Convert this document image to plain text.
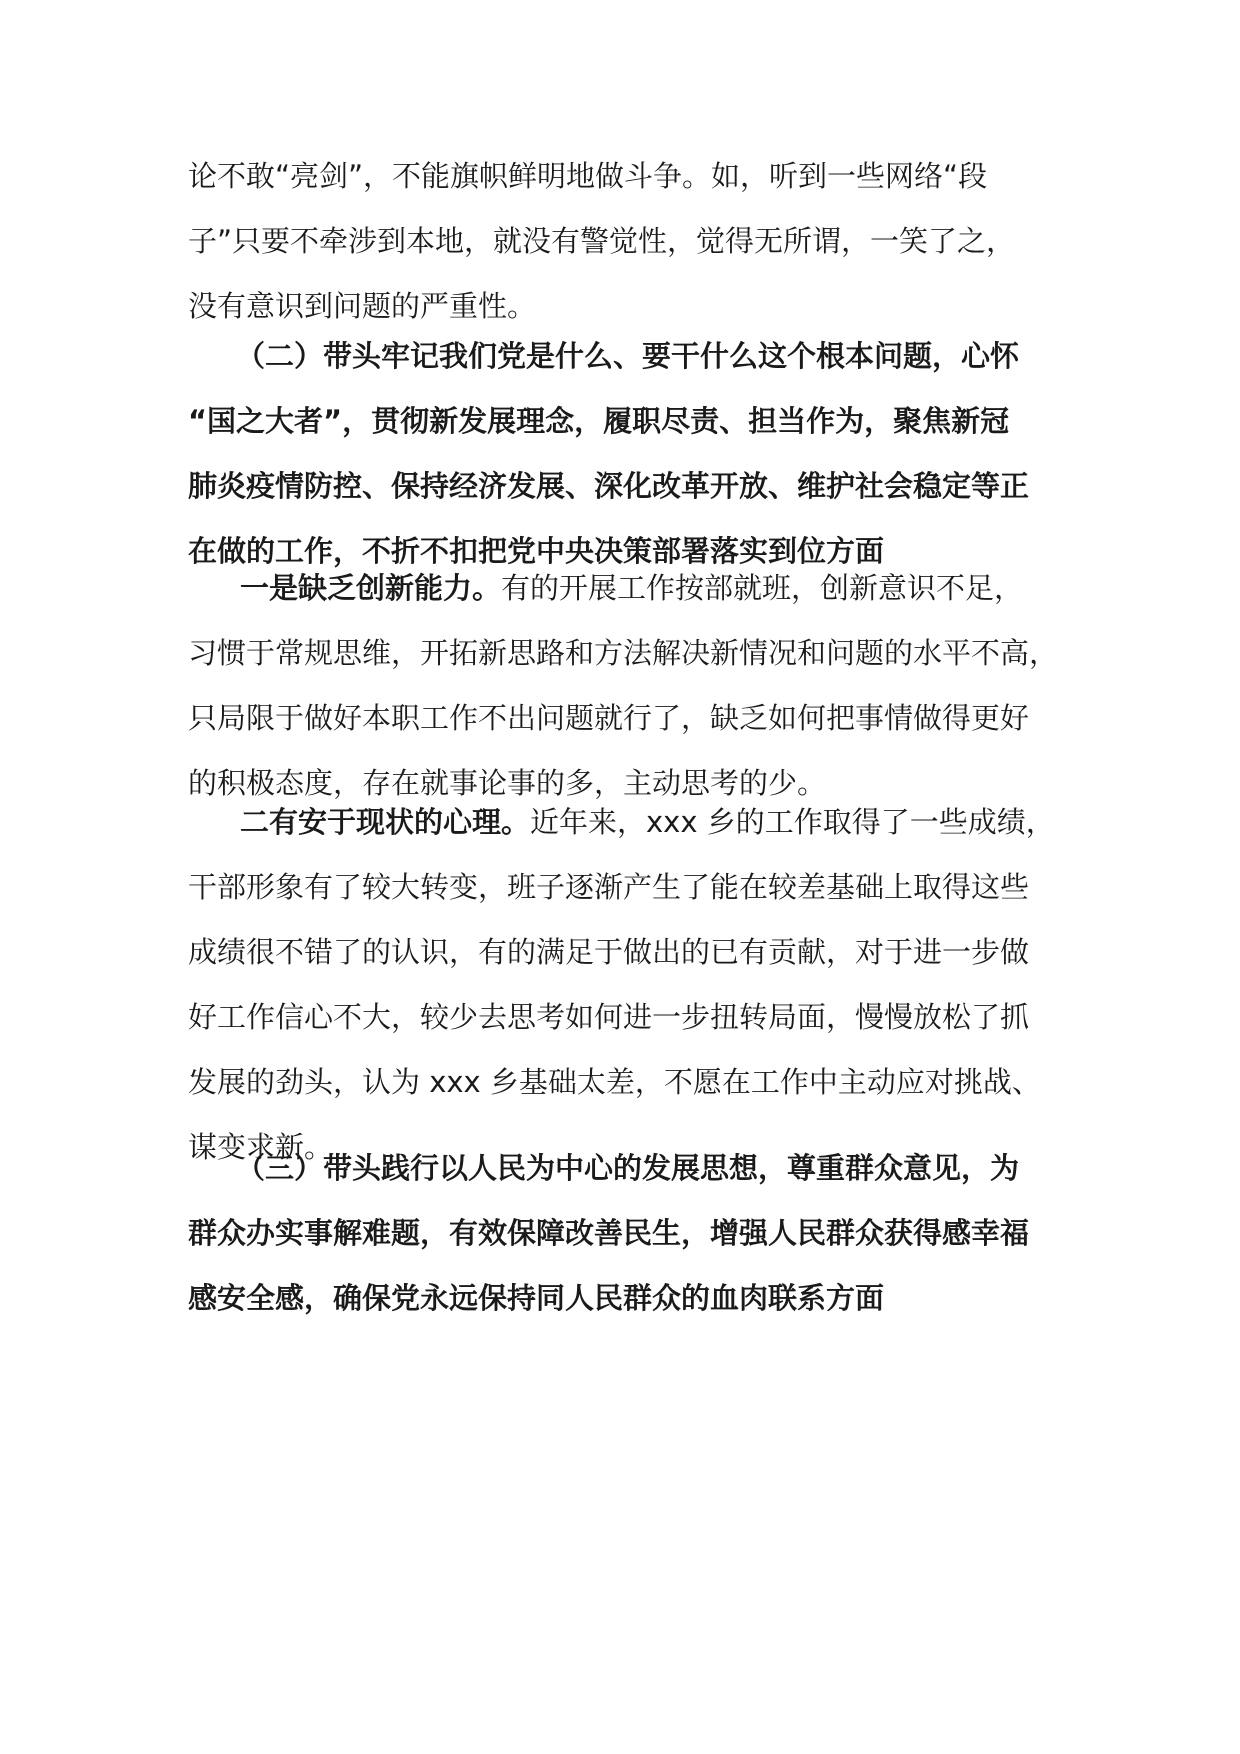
论不敢“亮剑”，不能旗帜鲜明地做斗争。如，听到一些网络“段
子”只要不牵涉到本地，就没有警觉性，觉得无所谓，一笑了之，
没有意识到问题的严重性。
（二）带头牢记我们党是什么、要干什么这个根本问题，心怀
“国之大者”，贯彻新发展理念，履职尽责、担当作为，聚焦新冠
肺炎疫情防控、保持经济发展、深化改革开放、维护社会稳定等正
在做的工作，不折不扣把党中央决策部署落实到位方面
一是缺乏创新能力。有的开展工作按部就班，创新意识不足，
习惯于常规思维，开拓新思路和方法解决新情况和问题的水平不高，
只局限于做好本职工作不出问题就行了，缺乏如何把事情做得更好
的积极态度，存在就事论事的多，主动思考的少。
二有安于现状的心理。近年来，xxx 乡的工作取得了一些成绩，
干部形象有了较大转变，班子逐渐产生了能在较差基础上取得这些
成绩很不错了的认识，有的满足于做出的已有贡献，对于进一步做
好工作信心不大，较少去思考如何进一步扭转局面，慢慢放松了抓
发展的劲头，认为 xxx 乡基础太差，不愿在工作中主动应对挑战、
谋变求新。
（三）带头践行以人民为中心的发展思想，尊重群众意见，为
群众办实事解难题，有效保障改善民生，增强人民群众获得感幸福
感安全感，确保党永远保持同人民群众的血肉联系方面
